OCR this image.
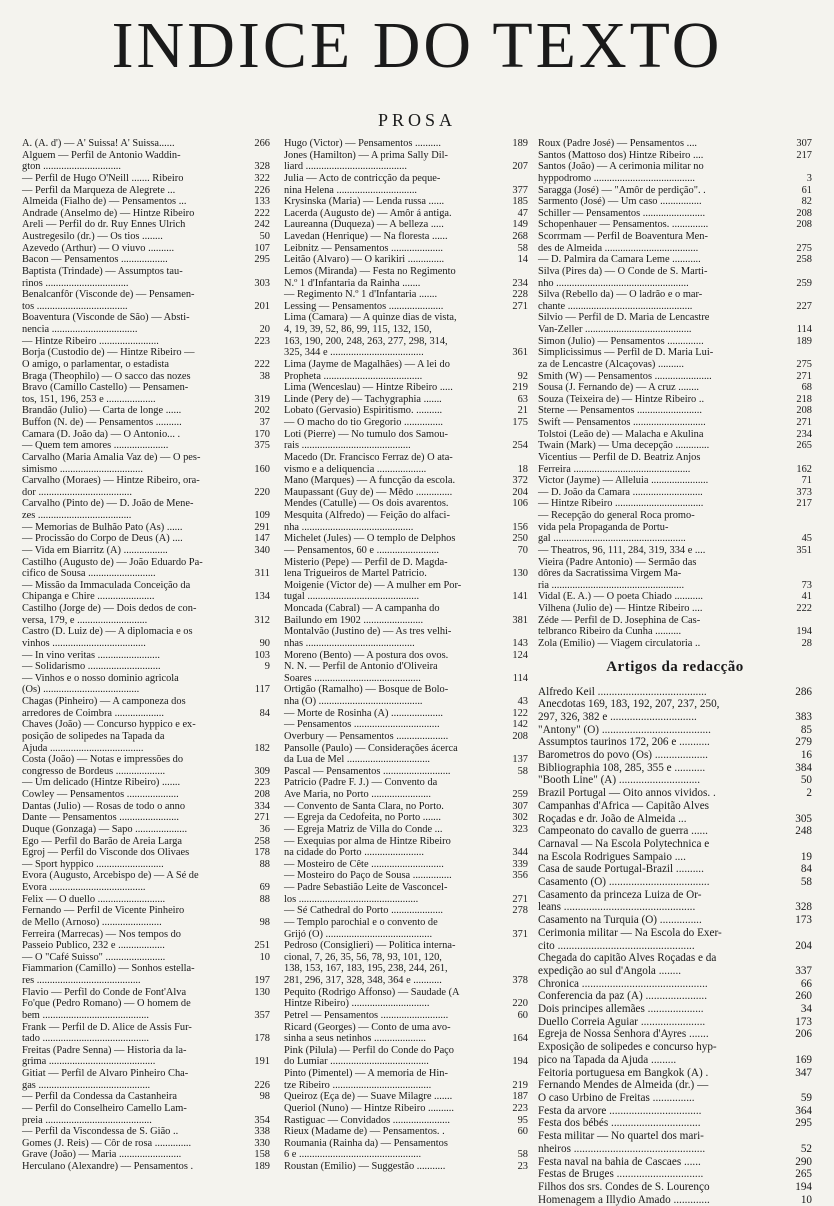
INDICE DO TEXTO
PROSA
A. (A. d') — A' Suissa! A' Suissa......	266
Alguem — Perfil de Antonio Waddin-
gton ..............................	328
— Perfil de Hugo O'Neill ....... Ribeiro	322
— Perfil da Marqueza de Alegrete ...	226
Almeida (Fialho de) — Pensamentos ...	133
Andrade (Anselmo de) — Hintze Ribeiro	222
Areli — Perfil do dr. Ruy Ennes Ulrich	242
Austregesilo (dr.) — Os tios ........	50
Azevedo (Arthur) — O viuvo ..........	107
Bacon — Pensamentos ..................	295
Baptista (Trindade) — Assumptos tau-
rinos ................................	303
Benalcanfôr (Visconde de) — Pensamen-
tos ...................................	201
Boaventura (Visconde de São) — Absti-
nencia .................................	20
— Hintze Ribeiro .......................	223
Borja (Custodio de) — Hintze Ribeiro —
O amigo, o parlamentar, o estadista	222
Braga (Theophilo) — O sacco das nozes	38
Bravo (Camillo Castello) — Pensamen-
tos, 151, 196, 253 e ...................	319
Brandão (Julio) — Carta de longe ......	202
Buffon (N. de) — Pensamentos ..........	37
Camara (D. João da) — O Antonio... .	170
— Quem tem amores .....................	375
Carvalho (Maria Amalia Vaz de) — O pes-
simismo ................................	160
Carvalho (Moraes) — Hintze Ribeiro, ora-
dor ....................................	220
Carvalho (Pinto de) — D. João de Mene-
zes ....................................	109
— Memorias de Bulhão Pato (As) ......	291
— Procissão do Corpo de Deus (A) ....	147
— Vida em Biarritz (A) .................	340
Castilho (Augusto de) — João Eduardo Pa-
cifico de Sousa ..........................	311
— Missão da Immaculada Conceição da
Chipanga e Chire ......................	134
Castilho (Jorge de) — Dois dedos de con-
versa, 179, e ...........................	312
Castro (D. Luiz de) — A diplomacia e os
vinhos ....................................	90
— In vino veritas ........................	103
— Solidarismo ............................	9
— Vinhos e o nosso dominio agricola
(Os) .....................................	117
Chagas (Pinheiro) — A camponeza dos
arredores de Coimbra ...................	84
Chaves (João) — Concurso hyppico e ex-
posição de solipedes na Tapada da
Ajuda ....................................	182
Costa (João) — Notas e impressões do
congresso de Bordeus ...................	309
— Um delicado (Hintze Ribeiro) .......	223
Cowley — Pensamentos ....................	208
Dantas (Julio) — Rosas de todo o anno	334
Dante — Pensamentos .......................	271
Duque (Gonzaga) — Sapo ....................	36
Ego — Perfil do Barão de Areia Larga	258
Egroj — Perfil do Visconde dos Olivaes	178
— Sport hyppico ..........................	88
Evora (Augusto, Arcebispo de) — A Sé de
Evora .....................................	69
Felix — O duello ..........................	88
Fernando — Perfil de Vicente Pinheiro
de Mello (Arnoso) .......................	98
Ferreira (Marrecas) — Nos tempos do
Passeio Publico, 232 e ..................	251
— O "Café Suisso" .......................	10
Fiammarion (Camillo) — Sonhos estella-
res ........................................	197
Flavio — Perfil do Conde de Font'Alva	130
Fo'que (Pedro Romano) — O homem de
bem .........................................	357
Frank — Perfil de D. Alice de Assis Fur-
tado .........................................	178
Freitas (Padre Senna) — Historia da la-
grima .........................................	191
Gitiat — Perfil de Alvaro Pinheiro Cha-
gas ...........................................	226
— Perfil da Condessa da Castanheira	98
— Perfil do Conselheiro Camello Lam-
preia .........................................	354
— Perfil da Viscondessa de S. Gião ..	338
Gomes (J. Reis) — Côr de rosa ..............	330
Grave (João) — Maria ........................	158
Herculano (Alexandre) — Pensamentos .	189
Hugo (Victor) — Pensamentos ..........	189
Jones (Hamilton) — A prima Sally Dil-
liard .......................................	207
Julia — Acto de contricção da peque-
nina Helena ...............................	377
Krysinska (Maria) — Lenda russa ......	185
Lacerda (Augusto de) — Amôr á antiga.	47
Laureanna (Duqueza) — A belleza .....	149
Lavedan (Henrique) — Na floresta ......	268
Leibnitz — Pensamentos ....................	58
Leitão (Alvaro) — O karikiri ..............	14
Lemos (Miranda) — Festa no Regimento
N.º 1 d'Infantaria da Rainha .......	234
— Regimento N.º 1 d'Infantaria .......	228
Lessing — Pensamentos .....................	271
Lima (Camara) — A quinze dias de vista,
4, 19, 39, 52, 86, 99, 115, 132, 150,
163, 190, 200, 248, 263, 277, 298, 314,
325, 344 e ....................................	361
Lima (Jayme de Magalhães) — A lei do
Propheta ......................................	92
Lima (Wenceslau) — Hintze Ribeiro .....	219
Linde (Pery de) — Tachygraphia .......	63
Lobato (Gervasio) Espiritismo. ..........	21
— O macho do tio Gregorio ...............	175
Loti (Pierre) — No tumulo dos Samou-
rais ..........................................	254
Macedo (Dr. Francisco Ferraz de) O ata-
vismo e a deliquencia ...................	18
Mano (Marques) — A funcção da escola.	372
Maupassant (Guy de) — Mêdo ..............	204
Mendes (Catulle) — Os dois avarentos.	106
Mesquita (Alfredo) — Feição do alfaci-
nha ...........................................	156
Michelet (Jules) — O templo de Delphos	250
— Pensamentos, 60 e ........................	70
Misterio (Pepe) — Perfil de D. Magda-
lena Trigueiros de Martel Patricio.	130
Moigenie (Victor de) — A mulher em Por-
tugal ...........................................	141
Moncada (Cabral) — A campanha do
Bailundo em 1902 .......................	381
Montalvão (Justino de) — As tres velhi-
nhas ..........................................	143
Moreno (Bento) — A postura dos ovos.	124
N. N. — Perfil de Antonio d'Oliveira
Soares .........................................	114
Ortigão (Ramalho) — Bosque de Bolo-
nha (O) ........................................	43
— Morte de Rosinha (A) ....................	122
— Pensamentos .................................	142
Overbury — Pensamentos ....................	208
Pansolle (Paulo) — Considerações ácerca
da Lua de Mel ................................	137
Pascal — Pensamentos ..........................	58
Patricio (Padre F. J.) — Convento da
Ave Maria, no Porto .......................	259
— Convento de Santa Clara, no Porto.	307
— Egreja da Cedofeita, no Porto .......	302
— Egreja Matriz de Villa do Conde ...	323
— Exequias por alma de Hintze Ribeiro
na cidade do Porto .......................	344
— Mosteiro de Cête ............................	339
— Mosteiro do Paço de Sousa ...............	356
— Padre Sebastião Leite de Vasconcel-
los ..............................................	271
— Sé Cathedral do Porto ....................	278
— Templo parochial e o convento de
Grijó (O) .........................................	371
Pedroso (Consiglieri) — Politica interna-
cional, 7, 26, 35, 56, 78, 93, 101, 120,
138, 153, 167, 183, 195, 238, 244, 261,
281, 296, 317, 328, 348, 364 e ...........	378
Pequito (Rodrigo Affonso) — Saudade (A
Hintze Ribeiro) ..............................	220
Petrel — Pensamentos ..........................	60
Ricard (Georges) — Conto de uma avo-
sinha a seus netinhos ....................	164
Pink (Pilula) — Perfil do Conde do Paço
do Lumiar ......................................	194
Pinto (Pimentel) — A memoria de Hin-
tze Ribeiro ......................................	219
Queiroz (Eça de) — Suave Milagre .......	187
Queriol (Nuno) — Hintze Ribeiro ..........	223
Rastiguac — Convidados ......................	95
Rieux (Madame de) — Pensamentos. .	60
Roumania (Rainha da) — Pensamentos
6 e ...............................................	58
Roustan (Emilio) — Suggestão ...........	23
Roux (Padre José) — Pensamentos ....	307
Santos (Mattoso dos) Hintze Ribeiro ....	217
Santos (João) — A cerimonia militar no
hyppodromo .......................................	3
Saragga (José) — "Amôr de perdição". .	61
Sarmento (José) — Um caso ................	82
Schiller — Pensamentos ........................	208
Schopenhauer — Pensamentos. ..............	208
Scorrmam — Perfil de Boaventura Men-
des de Almeida ....................................	275
— D. Palmira da Camara Leme ...........	258
Silva (Pires da) — O Conde de S. Marti-
nho ...................................................	259
Silva (Rebello da) — O ladrão e o mar-
chante ................................................	227
Silvio — Perfil de D. Maria de Lencastre
Van-Zeller .........................................	114
Simon (Julio) — Pensamentos ..............	189
Simplicissimus — Perfil de D. Maria Lui-
za de Lencastre (Alcaçovas) ..........	275
Smith (W) — Pensamentos ......................	271
Sousa (J. Fernando de) — A cruz ........	68
Souza (Teixeira de) — Hintze Ribeiro ..	218
Sterne — Pensamentos .........................	208
Swift — Pensamentos ............................	271
Tolstoi (Leão de) — Malacha e Akulina	234
Twain (Mark) — Uma decepção .............	265
Vicentius — Perfil de D. Beatriz Anjos
Ferreira .............................................	162
Victor (Jayme) — Alleluia ......................	71
— D. João da Camara ...........................	373
— Hintze Ribeiro ..................................	217
— Recepção do general Roca promo-
vida pela Propaganda de Portu-
gal ...................................................	45
— Theatros, 96, 111, 284, 319, 334 e ....	351
Vieira (Padre Antonio) — Sermão das
dôres da Sacratissima Virgem Ma-
ria ...................................................	73
Vidal (E. A.) — O poeta Chiado ...........	41
Vilhena (Julio de) — Hintze Ribeiro ....	222
Zéde — Perfil de D. Josephina de Cas-
telbranco Ribeiro da Cunha ..........	194
Zola (Emilio) — Viagem circulatoria ..	28
Artigos da redacção
Alfredo Keil .......................................	286
Anecdotas 169, 183, 192, 207, 237, 250,
297, 326, 382 e ...............................	383
"Antony" (O) .......................................	85
Assumptos taurinos 172, 206 e ...........	279
Barometros do povo (Os) ...................	16
Bibliographia 108, 285, 355 e ...........	384
"Booth Line" (A) .............................	50
Brazil Portugal — Oito annos vividos. .	2
Campanhas d'Africa — Capitão Alves
Roçadas e dr. João de Almeida ...	305
Campeonato do cavallo de guerra ......	248
Carnaval — Na Escola Polytechnica e
na Escola Rodrigues Sampaio ....	19
Casa de saude Portugal-Brazil ..........	84
Casamento (O) ....................................	58
Casamento da princeza Luiza de Or-
leans ...............................................	328
Casamento na Turquia (O) ...............	173
Cerimonia militar — Na Escola do Exer-
cito .................................................	204
Chegada do capitão Alves Roçadas e da
expedição ao sul d'Angola ........	337
Chronica .............................................	66
Conferencia da paz (A) ......................	260
Dois principes allemães ....................	34
Duello Correia Aguiar .......................	173
Egreja de Nossa Senhora d'Ayres .......	206
Exposição de solipedes e concurso hyp-
pico na Tapada da Ajuda .........	169
Feitoria portuguesa em Bangkok (A) .	347
Fernando Mendes de Almeida (dr.) —
O caso Urbino de Freitas ...............	59
Festa da arvore .................................	364
Festa dos bébés ................................	295
Festa militar — No quartel dos mari-
nheiros ...............................................	52
Festa naval na bahia de Cascaes ......	290
Festas de Bruges ...............................	265
Filhos dos srs. Condes de S. Lourenço	194
Homenagem a Illydio Amado .............	10
